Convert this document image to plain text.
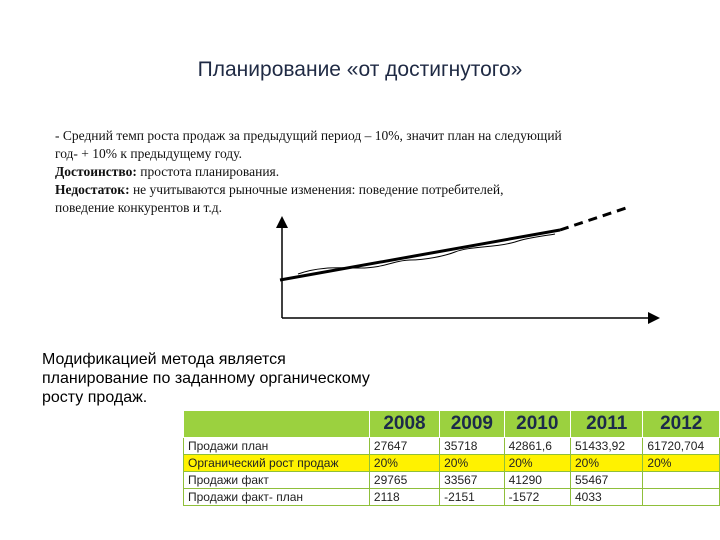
Планирование «от достигнутого»
- Средний темп роста продаж за предыдущий период – 10%, значит план на следующий
год- + 10% к предыдущему году.
Достоинство: простота планирования.
Недостаток: не учитываются рыночные изменения: поведение потребителей,
поведение конкурентов и т.д.
Модификацией метода является
планирование по заданному органическому
росту продаж.
	2008	2009	2010	2011	2012
Продажи план	27647	35718	42861,6	51433,92	61720,704
Органический рост продаж	20%	20%	20%	20%	20%
Продажи факт	29765	33567	41290	55467	
Продажи факт- план	2118	-2151	-1572	4033	
